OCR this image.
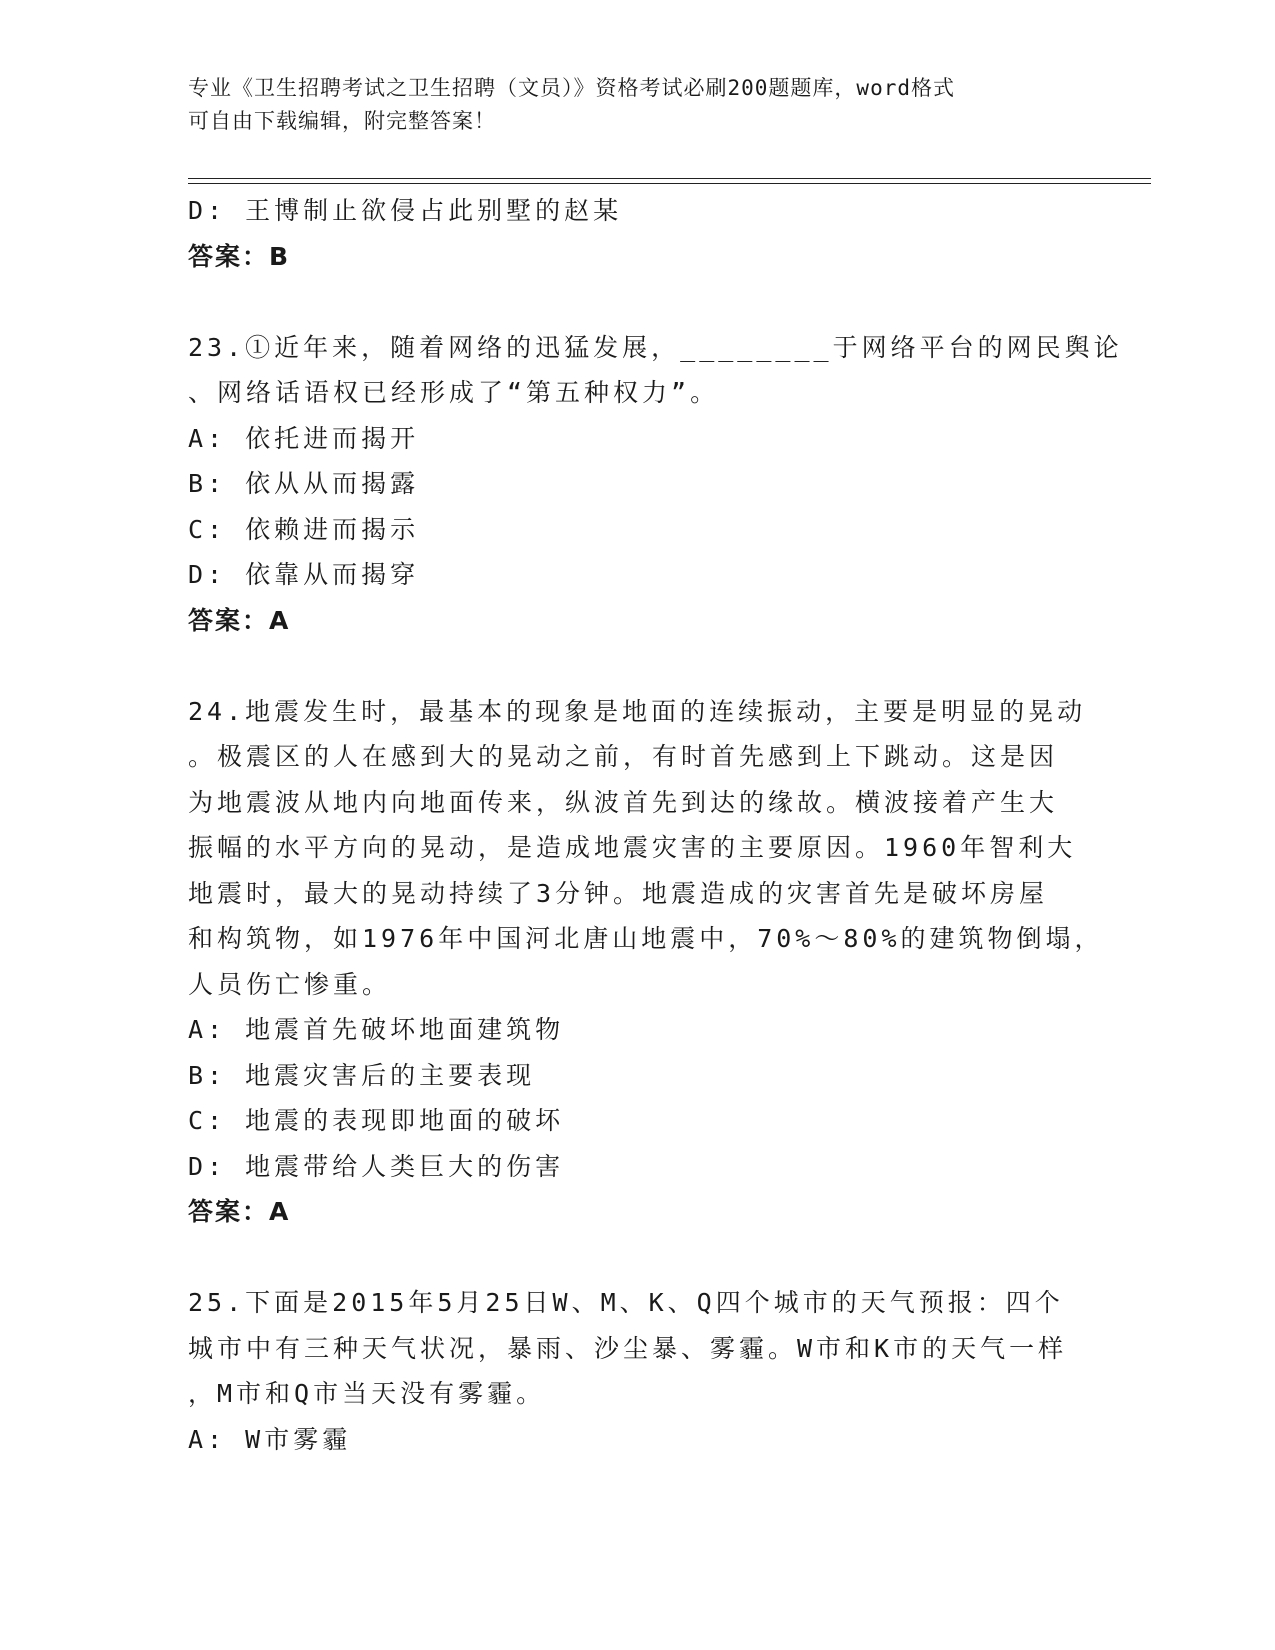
专业《卫生招聘考试之卫生招聘（文员）》资格考试必刷200题题库，word格式
可自由下载编辑，附完整答案！
D: 王博制止欲侵占此别墅的赵某
答案：B
23.①近年来，随着网络的迅猛发展，________于网络平台的网民舆论
、网络话语权已经形成了“第五种权力”。
A: 依托进而揭开
B: 依从从而揭露
C: 依赖进而揭示
D: 依靠从而揭穿
答案：A
24.地震发生时，最基本的现象是地面的连续振动，主要是明显的晃动
。极震区的人在感到大的晃动之前，有时首先感到上下跳动。这是因
为地震波从地内向地面传来，纵波首先到达的缘故。横波接着产生大
振幅的水平方向的晃动，是造成地震灾害的主要原因。1960年智利大
地震时，最大的晃动持续了3分钟。地震造成的灾害首先是破坏房屋
和构筑物，如1976年中国河北唐山地震中，70%～80%的建筑物倒塌，
人员伤亡惨重。
A: 地震首先破坏地面建筑物
B: 地震灾害后的主要表现
C: 地震的表现即地面的破坏
D: 地震带给人类巨大的伤害
答案：A
25.下面是2015年5月25日W、M、K、Q四个城市的天气预报：四个
城市中有三种天气状况，暴雨、沙尘暴、雾霾。W市和K市的天气一样
，M市和Q市当天没有雾霾。
A: W市雾霾
